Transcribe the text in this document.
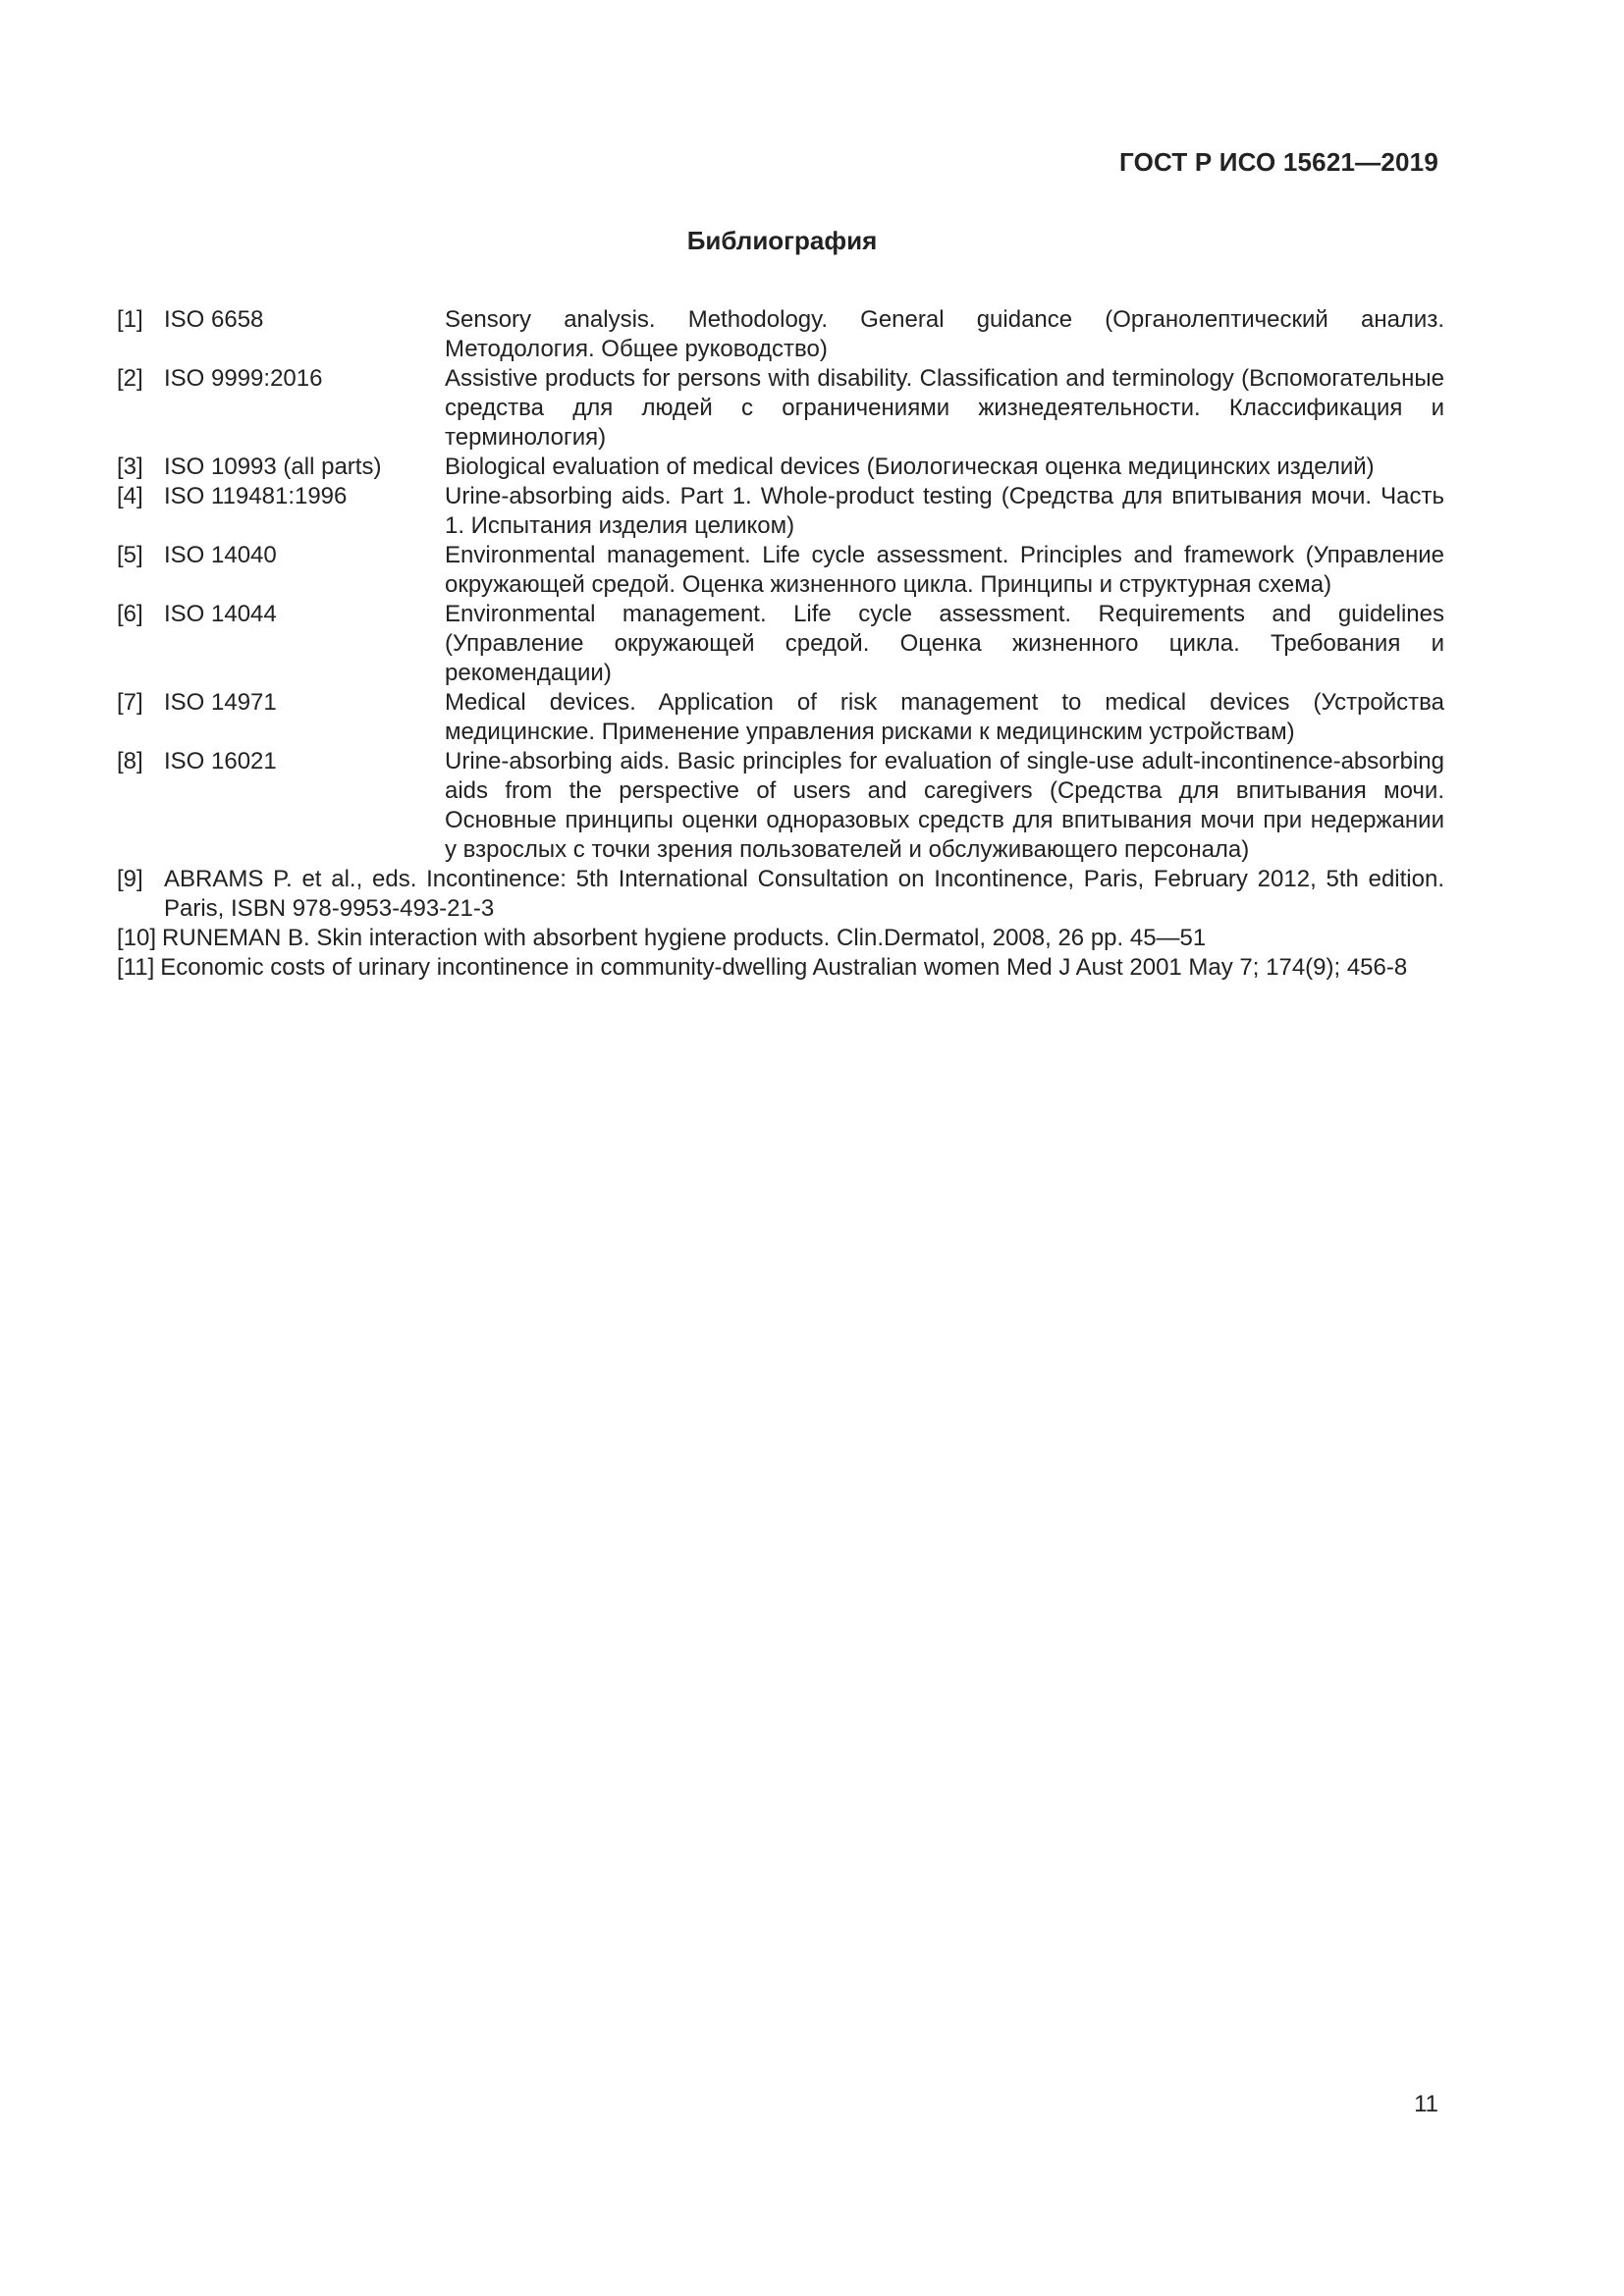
ГОСТ Р ИСО 15621—2019
Библиография
[1] ISO 6658	Sensory analysis. Methodology. General guidance (Органолептический анализ. Методология. Общее руководство)
[2] ISO 9999:2016	Assistive products for persons with disability. Classification and terminology (Вспомогательные средства для людей с ограничениями жизнедеятельности. Классификация и терминология)
[3] ISO 10993 (all parts)	Biological evaluation of medical devices (Биологическая оценка медицинских изделий)
[4] ISO 119481:1996	Urine-absorbing aids. Part 1. Whole-product testing (Средства для впитывания мочи. Часть 1. Испытания изделия целиком)
[5] ISO 14040	Environmental management. Life cycle assessment. Principles and framework (Управление окружающей средой. Оценка жизненного цикла. Принципы и структурная схема)
[6] ISO 14044	Environmental management. Life cycle assessment. Requirements and guidelines (Управление окружающей средой. Оценка жизненного цикла. Требования и рекомендации)
[7] ISO 14971	Medical devices. Application of risk management to medical devices (Устройства медицинские. Применение управления рисками к медицинским устройствам)
[8] ISO 16021	Urine-absorbing aids. Basic principles for evaluation of single-use adult-incontinence-absorbing aids from the perspective of users and caregivers (Средства для впитывания мочи. Основные принципы оценки одноразовых средств для впитывания мочи при недержании у взрослых с точки зрения пользователей и обслуживающего персонала)
[9] ABRAMS P. et al., eds. Incontinence: 5th International Consultation on Incontinence, Paris, February 2012, 5th edition. Paris, ISBN 978-9953-493-21-3
[10] RUNEMAN B. Skin interaction with absorbent hygiene products. Clin.Dermatol, 2008, 26 pp. 45—51
[11] Economic costs of urinary incontinence in community-dwelling Australian women Med J Aust 2001 May 7; 174(9); 456-8
11
